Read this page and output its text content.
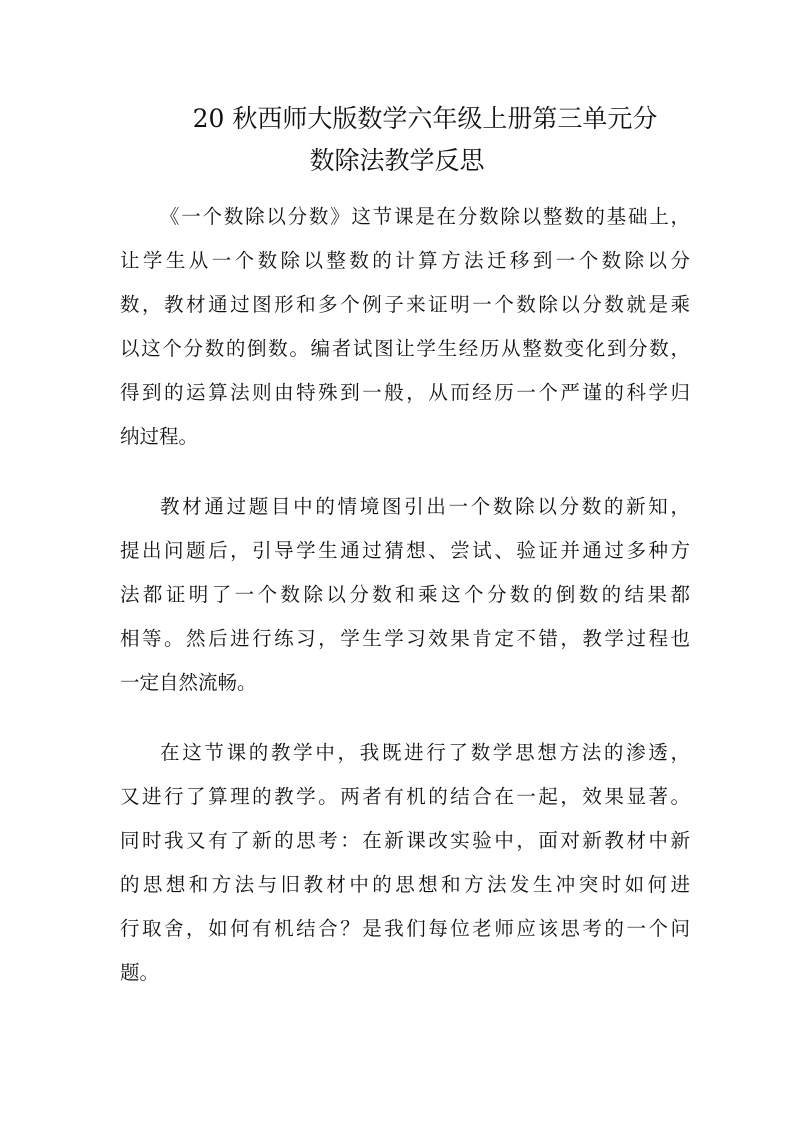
20 秋西师大版数学六年级上册第三单元分
数除法教学反思
《一个数除以分数》这节课是在分数除以整数的基础上，
让学生从一个数除以整数的计算方法迁移到一个数除以分
数，教材通过图形和多个例子来证明一个数除以分数就是乘
以这个分数的倒数。编者试图让学生经历从整数变化到分数，
得到的运算法则由特殊到一般，从而经历一个严谨的科学归
纳过程。
教材通过题目中的情境图引出一个数除以分数的新知，
提出问题后，引导学生通过猜想、尝试、验证并通过多种方
法都证明了一个数除以分数和乘这个分数的倒数的结果都
相等。然后进行练习，学生学习效果肯定不错，教学过程也
一定自然流畅。
在这节课的教学中，我既进行了数学思想方法的渗透，
又进行了算理的教学。两者有机的结合在一起，效果显著。
同时我又有了新的思考：在新课改实验中，面对新教材中新
的思想和方法与旧教材中的思想和方法发生冲突时如何进
行取舍，如何有机结合？是我们每位老师应该思考的一个问
题。
